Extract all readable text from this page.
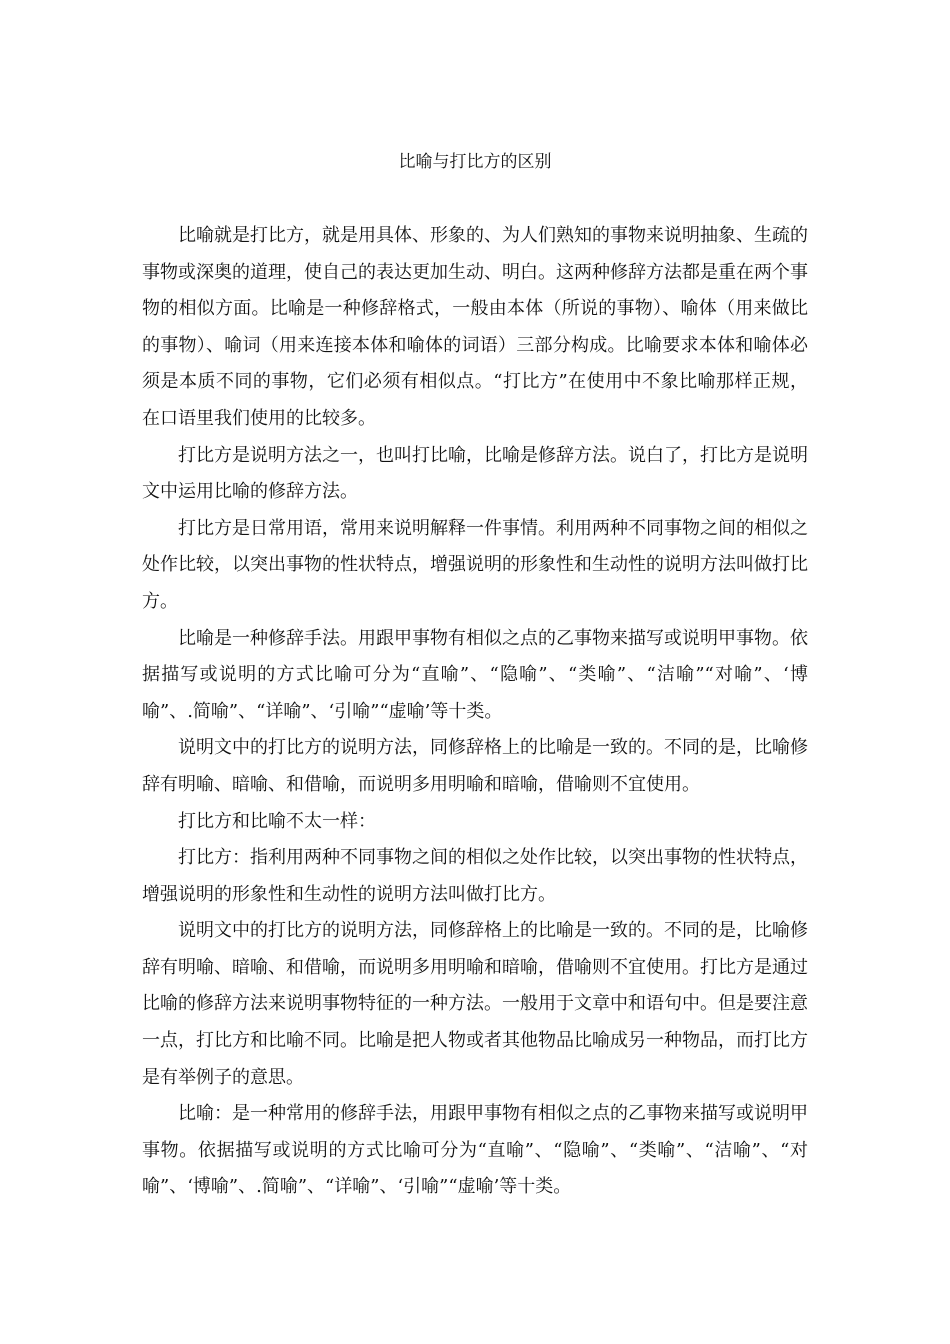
比喻与打比方的区别

比喻就是打比方，就是用具体、形象的、为人们熟知的事物来说明抽象、生疏的事物或深奥的道理，使自己的表达更加生动、明白。这两种修辞方法都是重在两个事物的相似方面。比喻是一种修辞格式，一般由本体（所说的事物）、喻体（用来做比的事物）、喻词（用来连接本体和喻体的词语）三部分构成。比喻要求本体和喻体必须是本质不同的事物，它们必须有相似点。“打比方”在使用中不象比喻那样正规，在口语里我们使用的比较多。

打比方是说明方法之一，也叫打比喻，比喻是修辞方法。说白了，打比方是说明文中运用比喻的修辞方法。

打比方是日常用语，常用来说明解释一件事情。利用两种不同事物之间的相似之处作比较，以突出事物的性状特点，增强说明的形象性和生动性的说明方法叫做打比方。

比喻是一种修辞手法。用跟甲事物有相似之点的乙事物来描写或说明甲事物。依据描写或说明的方式比喻可分为“直喻”、“隐喻”、“类喻”、“洁喻”“对喻”、‘博喻”、.简喻”、“详喻”、‘引喻”“虚喻’等十类。

说明文中的打比方的说明方法，同修辞格上的比喻是一致的。不同的是，比喻修辞有明喻、暗喻、和借喻，而说明多用明喻和暗喻，借喻则不宜使用。

打比方和比喻不太一样：

打比方：指利用两种不同事物之间的相似之处作比较，以突出事物的性状特点，增强说明的形象性和生动性的说明方法叫做打比方。

说明文中的打比方的说明方法，同修辞格上的比喻是一致的。不同的是，比喻修辞有明喻、暗喻、和借喻，而说明多用明喻和暗喻，借喻则不宜使用。打比方是通过比喻的修辞方法来说明事物特征的一种方法。一般用于文章中和语句中。但是要注意一点，打比方和比喻不同。比喻是把人物或者其他物品比喻成另一种物品，而打比方是有举例子的意思。

比喻：是一种常用的修辞手法，用跟甲事物有相似之点的乙事物来描写或说明甲事物。依据描写或说明的方式比喻可分为“直喻”、“隐喻”、“类喻”、“洁喻”、“对喻”、‘博喻”、.简喻”、“详喻”、‘引喻”“虚喻’等十类。
